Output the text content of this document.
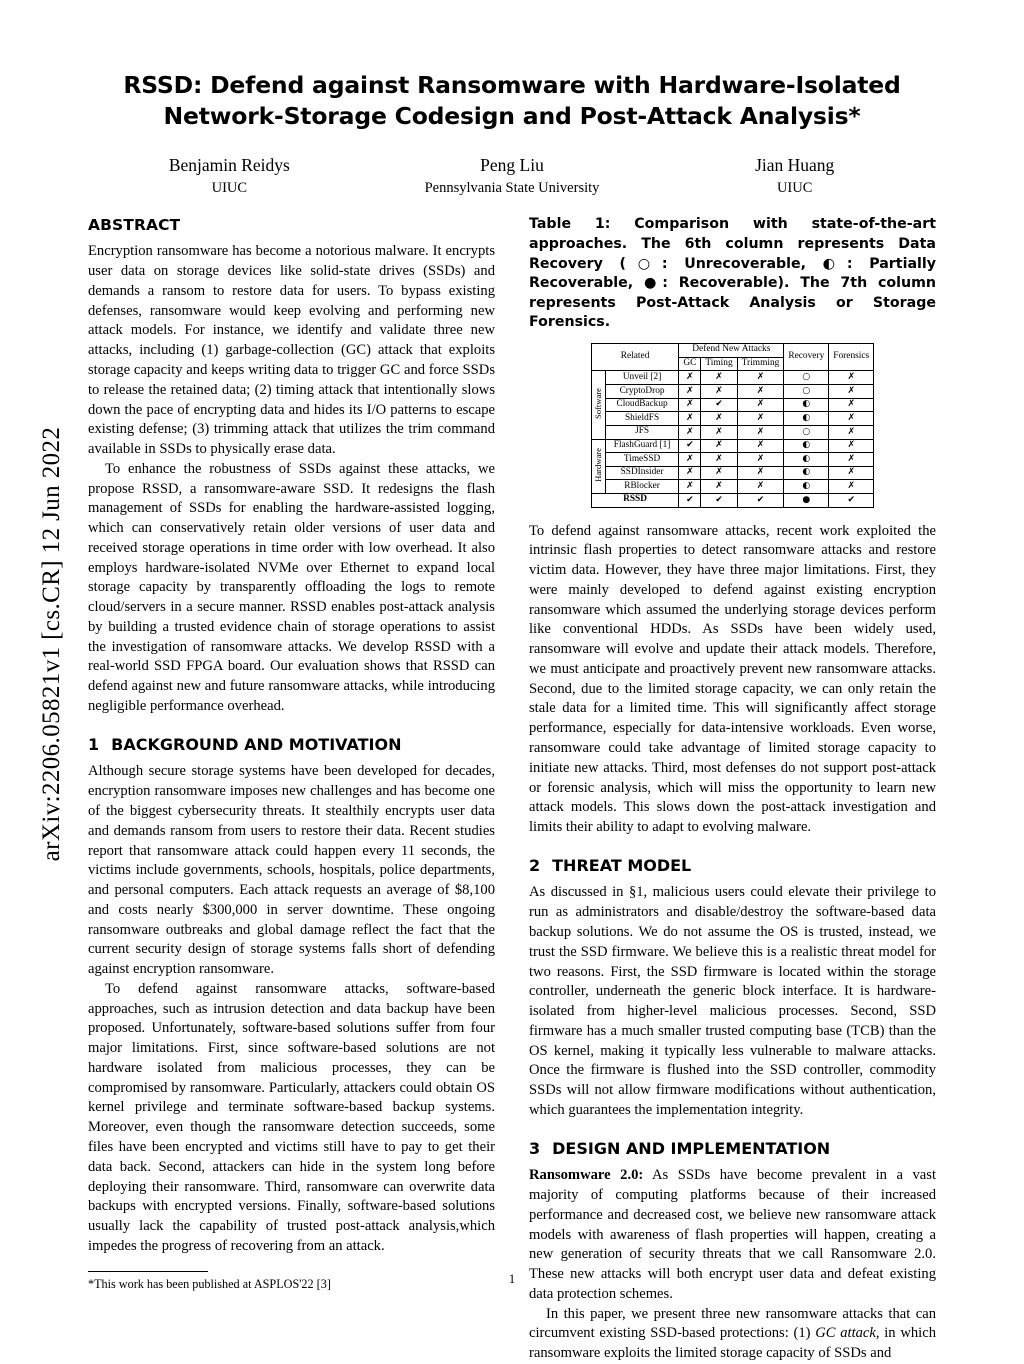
arXiv:2206.05821v1 [cs.CR] 12 Jun 2022
RSSD: Defend against Ransomware with Hardware-Isolated Network-Storage Codesign and Post-Attack Analysis*
Benjamin Reidys
UIUC
Peng Liu
Pennsylvania State University
Jian Huang
UIUC
ABSTRACT

Encryption ransomware has become a notorious malware. It encrypts user data on storage devices like solid-state drives (SSDs) and demands a ransom to restore data for users. To bypass existing defenses, ransomware would keep evolving and performing new attack models. For instance, we identify and validate three new attacks, including (1) garbage-collection (GC) attack that exploits storage capacity and keeps writing data to trigger GC and force SSDs to release the retained data; (2) timing attack that intentionally slows down the pace of encrypting data and hides its I/O patterns to escape existing defense; (3) trimming attack that utilizes the trim command available in SSDs to physically erase data.

To enhance the robustness of SSDs against these attacks, we propose RSSD, a ransomware-aware SSD. It redesigns the flash management of SSDs for enabling the hardware-assisted logging, which can conservatively retain older versions of user data and received storage operations in time order with low overhead. It also employs hardware-isolated NVMe over Ethernet to expand local storage capacity by transparently offloading the logs to remote cloud/servers in a secure manner. RSSD enables post-attack analysis by building a trusted evidence chain of storage operations to assist the investigation of ransomware attacks. We develop RSSD with a real-world SSD FPGA board. Our evaluation shows that RSSD can defend against new and future ransomware attacks, while introducing negligible performance overhead.

1 BACKGROUND AND MOTIVATION

Although secure storage systems have been developed for decades, encryption ransomware imposes new challenges and has become one of the biggest cybersecurity threats. It stealthily encrypts user data and demands ransom from users to restore their data. Recent studies report that ransomware attack could happen every 11 seconds, the victims include governments, schools, hospitals, police departments, and personal computers. Each attack requests an average of $8,100 and costs nearly $300,000 in server downtime. These ongoing ransomware outbreaks and global damage reflect the fact that the current security design of storage systems falls short of defending against encryption ransomware.

To defend against ransomware attacks, software-based approaches, such as intrusion detection and data backup have been proposed. Unfortunately, software-based solutions suffer from four major limitations. First, since software-based solutions are not hardware isolated from malicious processes, they can be compromised by ransomware. Particularly, attackers could obtain OS kernel privilege and terminate software-based backup systems. Moreover, even though the ransomware detection succeeds, some files have been encrypted and victims still have to pay to get their data back. Second, attackers can hide in the system long before deploying their ransomware. Third, ransomware can overwrite data backups with encrypted versions. Finally, software-based solutions usually lack the capability of trusted post-attack analysis,which impedes the progress of recovering from an attack.

*This work has been published at ASPLOS'22 [3]
Table 1: Comparison with state-of-the-art approaches. The 6th column represents Data Recovery (○: Unrecoverable, ◐: Partially Recoverable, ●: Recoverable). The 7th column represents Post-Attack Analysis or Storage Forensics.
Related		Defend New Attacks			Recovery	Forensics
		GC	Timing	Trimming		
Software	Unveil [2]	✗	✗	✗	○	✗
	CryptoDrop	✗	✗	✗	○	✗
	CloudBackup	✗	✔	✗	◐	✗
	ShieldFS	✗	✗	✗	◐	✗
	JFS	✗	✗	✗	○	✗
Hardware	FlashGuard [1]	✔	✗	✗	◐	✗
	TimeSSD	✗	✗	✗	◐	✗
	SSDInsider	✗	✗	✗	◐	✗
	RBlocker	✗	✗	✗	◐	✗
RSSD		✔	✔	✔	●	✔

To defend against ransomware attacks, recent work exploited the intrinsic flash properties to detect ransomware attacks and restore victim data. However, they have three major limitations. First, they were mainly developed to defend against existing encryption ransomware which assumed the underlying storage devices perform like conventional HDDs. As SSDs have been widely used, ransomware will evolve and update their attack models. Therefore, we must anticipate and proactively prevent new ransomware attacks. Second, due to the limited storage capacity, we can only retain the stale data for a limited time. This will significantly affect storage performance, especially for data-intensive workloads. Even worse, ransomware could take advantage of limited storage capacity to initiate new attacks. Third, most defenses do not support post-attack or forensic analysis, which will miss the opportunity to learn new attack models. This slows down the post-attack investigation and limits their ability to adapt to evolving malware.

2 THREAT MODEL

As discussed in §1, malicious users could elevate their privilege to run as administrators and disable/destroy the software-based data backup solutions. We do not assume the OS is trusted, instead, we trust the SSD firmware. We believe this is a realistic threat model for two reasons. First, the SSD firmware is located within the storage controller, underneath the generic block interface. It is hardware-isolated from higher-level malicious processes. Second, SSD firmware has a much smaller trusted computing base (TCB) than the OS kernel, making it typically less vulnerable to malware attacks. Once the firmware is flushed into the SSD controller, commodity SSDs will not allow firmware modifications without authentication, which guarantees the implementation integrity.

3 DESIGN AND IMPLEMENTATION

Ransomware 2.0: As SSDs have become prevalent in a vast majority of computing platforms because of their increased performance and decreased cost, we believe new ransomware attack models with awareness of flash properties will happen, creating a new generation of security threats that we call Ransomware 2.0. These new attacks will both encrypt user data and defeat existing data protection schemes.

In this paper, we present three new ransomware attacks that can circumvent existing SSD-based protections: (1) GC attack, in which ransomware exploits the limited storage capacity of SSDs and

1
